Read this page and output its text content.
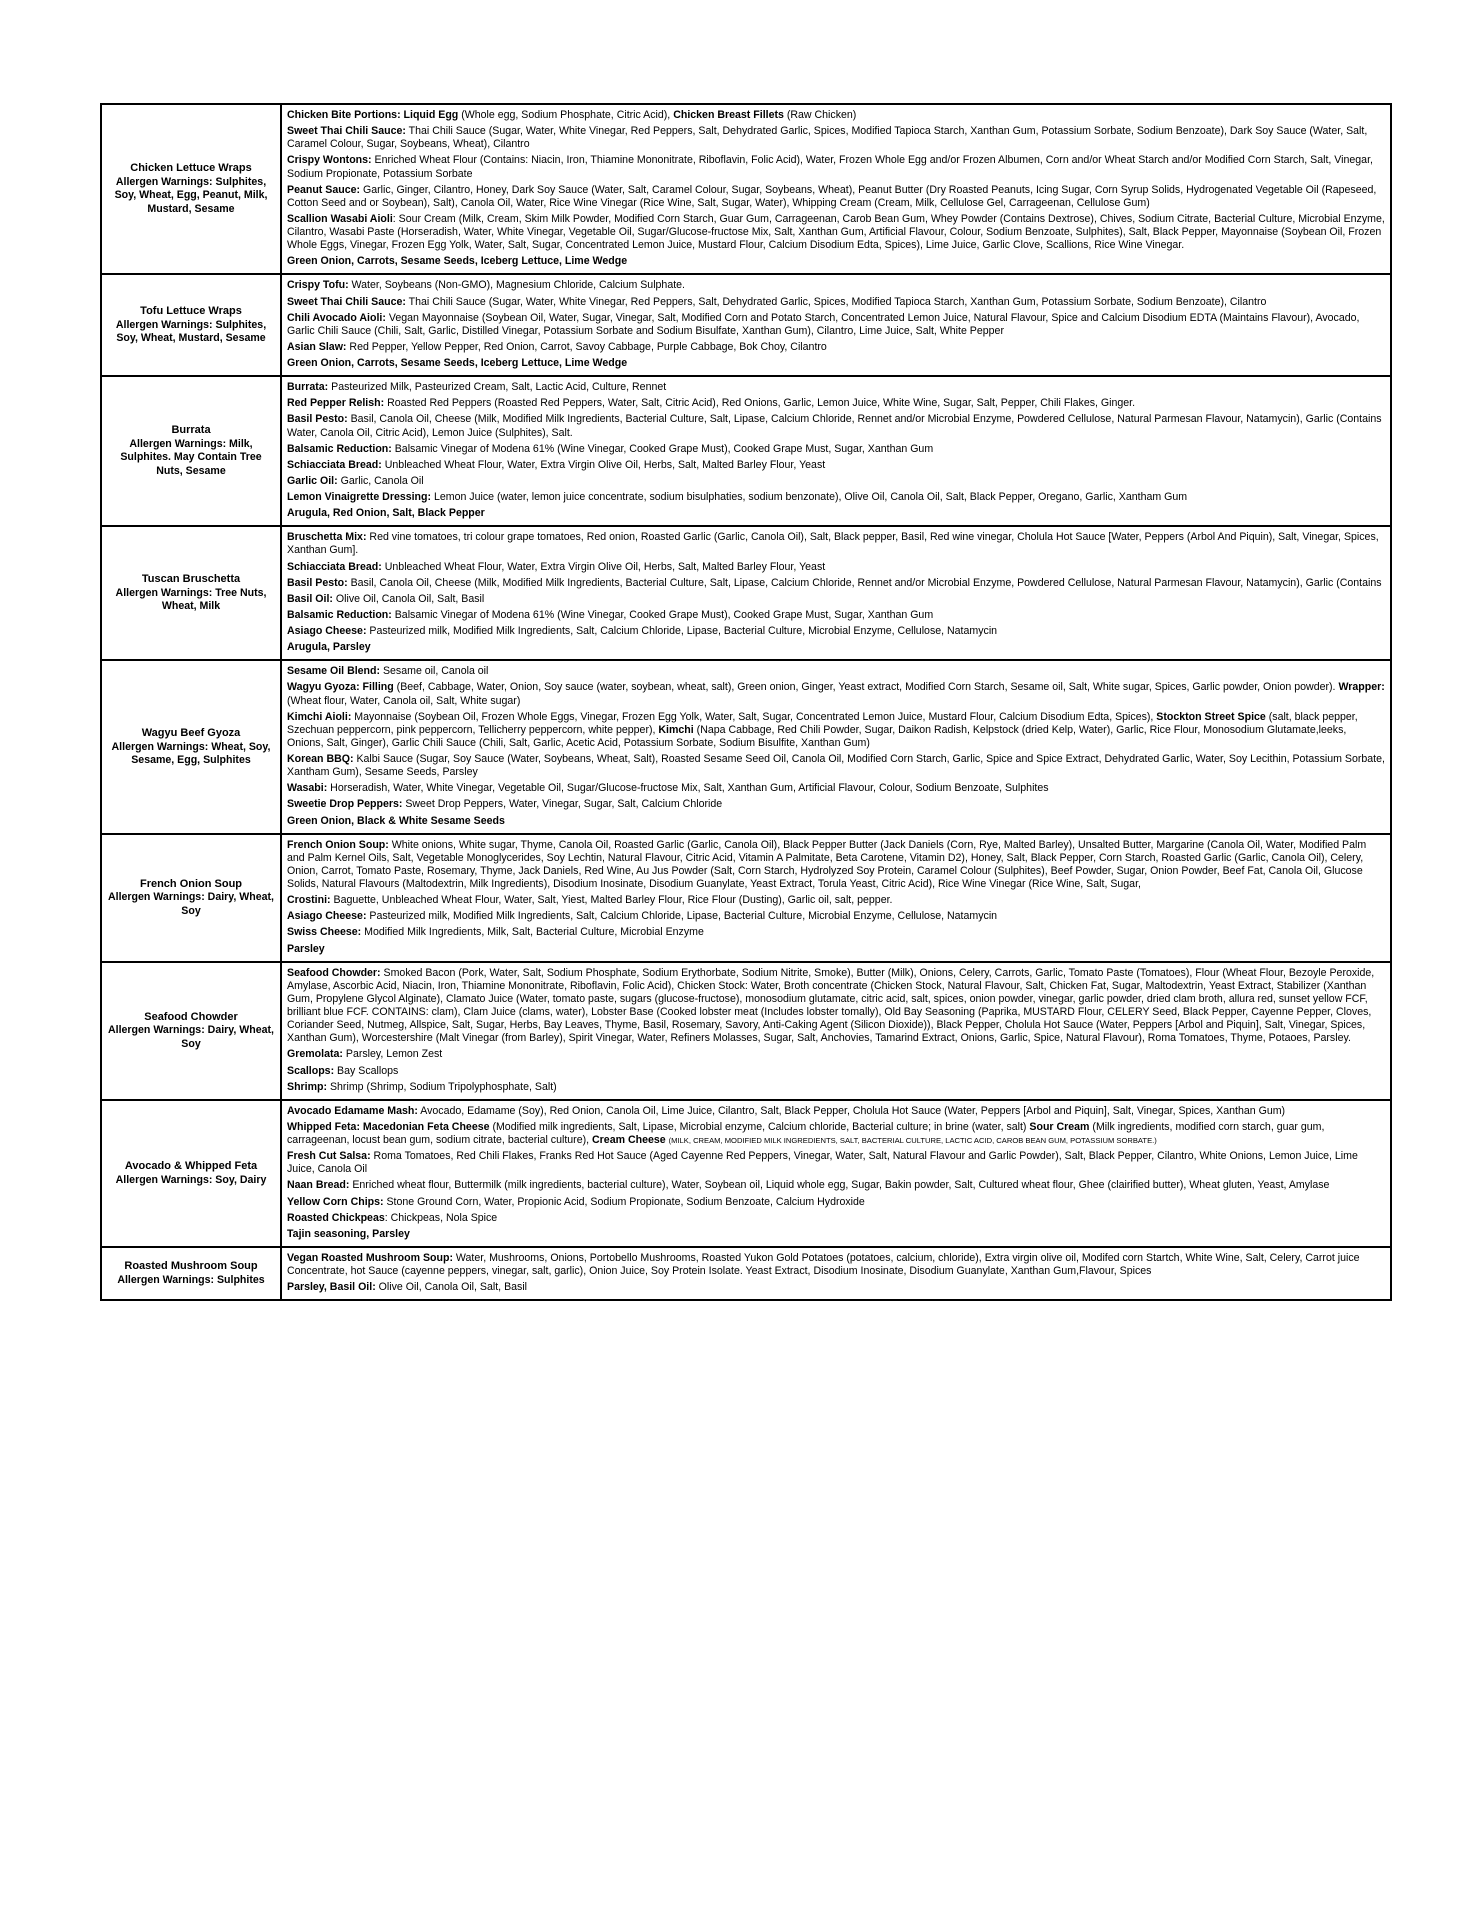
Chicken Lettuce Wraps
Allergen Warnings: Sulphites, Soy, Wheat, Egg, Peanut, Milk, Mustard, Sesame

Chicken Bite Portions: Liquid Egg (Whole egg, Sodium Phosphate, Citric Acid), Chicken Breast Fillets (Raw Chicken)

Sweet Thai Chili Sauce: Thai Chili Sauce (Sugar, Water, White Vinegar, Red Peppers, Salt, Dehydrated Garlic, Spices, Modified Tapioca Starch, Xanthan Gum, Potassium Sorbate, Sodium Benzoate), Dark Soy Sauce (Water, Salt, Caramel Colour, Sugar, Soybeans, Wheat), Cilantro

Crispy Wontons: Enriched Wheat Flour (Contains: Niacin, Iron, Thiamine Mononitrate, Riboflavin, Folic Acid), Water, Frozen Whole Egg and/or Frozen Albumen, Corn and/or Wheat Starch and/or Modified Corn Starch, Salt, Vinegar, Sodium Propionate, Potassium Sorbate

Peanut Sauce: Garlic, Ginger, Cilantro, Honey, Dark Soy Sauce (Water, Salt, Caramel Colour, Sugar, Soybeans, Wheat), Peanut Butter (Dry Roasted Peanuts, Icing Sugar, Corn Syrup Solids, Hydrogenated Vegetable Oil (Rapeseed, Cotton Seed and or Soybean), Salt), Canola Oil, Water, Rice Wine Vinegar (Rice Wine, Salt, Sugar, Water), Whipping Cream (Cream, Milk, Cellulose Gel, Carrageenan, Cellulose Gum)

Scallion Wasabi Aioli: Sour Cream (Milk, Cream, Skim Milk Powder, Modified Corn Starch, Guar Gum, Carrageenan, Carob Bean Gum, Whey Powder (Contains Dextrose), Chives, Sodium Citrate, Bacterial Culture, Microbial Enzyme, Cilantro, Wasabi Paste (Horseradish, Water, White Vinegar, Vegetable Oil, Sugar/Glucose-fructose Mix, Salt, Xanthan Gum, Artificial Flavour, Colour, Sodium Benzoate, Sulphites), Salt, Black Pepper, Mayonnaise (Soybean Oil, Frozen Whole Eggs, Vinegar, Frozen Egg Yolk, Water, Salt, Sugar, Concentrated Lemon Juice, Mustard Flour, Calcium Disodium Edta, Spices), Lime Juice, Garlic Clove, Scallions, Rice Wine Vinegar.

Green Onion, Carrots, Sesame Seeds, Iceberg Lettuce, Lime Wedge

Tofu Lettuce Wraps
Allergen Warnings: Sulphites, Soy, Wheat, Mustard, Sesame

Crispy Tofu: Water, Soybeans (Non-GMO), Magnesium Chloride, Calcium Sulphate.

Sweet Thai Chili Sauce: Thai Chili Sauce (Sugar, Water, White Vinegar, Red Peppers, Salt, Dehydrated Garlic, Spices, Modified Tapioca Starch, Xanthan Gum, Potassium Sorbate, Sodium Benzoate), Cilantro

Chili Avocado Aioli: Vegan Mayonnaise (Soybean Oil, Water, Sugar, Vinegar, Salt, Modified Corn and Potato Starch, Concentrated Lemon Juice, Natural Flavour, Spice and Calcium Disodium EDTA (Maintains Flavour), Avocado, Garlic Chili Sauce (Chili, Salt, Garlic, Distilled Vinegar, Potassium Sorbate and Sodium Bisulfate, Xanthan Gum), Cilantro, Lime Juice, Salt, White Pepper

Asian Slaw: Red Pepper, Yellow Pepper, Red Onion, Carrot, Savoy Cabbage, Purple Cabbage, Bok Choy, Cilantro

Green Onion, Carrots, Sesame Seeds, Iceberg Lettuce, Lime Wedge

Burrata
Allergen Warnings: Milk, Sulphites. May Contain Tree Nuts, Sesame

Burrata: Pasteurized Milk, Pasteurized Cream, Salt, Lactic Acid, Culture, Rennet

Red Pepper Relish: Roasted Red Peppers (Roasted Red Peppers, Water, Salt, Citric Acid), Red Onions, Garlic, Lemon Juice, White Wine, Sugar, Salt, Pepper, Chili Flakes, Ginger.

Basil Pesto: Basil, Canola Oil, Cheese (Milk, Modified Milk Ingredients, Bacterial Culture, Salt, Lipase, Calcium Chloride, Rennet and/or Microbial Enzyme, Powdered Cellulose, Natural Parmesan Flavour, Natamycin), Garlic (Contains Water, Canola Oil, Citric Acid), Lemon Juice (Sulphites), Salt.

Balsamic Reduction: Balsamic Vinegar of Modena 61% (Wine Vinegar, Cooked Grape Must), Cooked Grape Must, Sugar, Xanthan Gum

Schiacciata Bread: Unbleached Wheat Flour, Water, Extra Virgin Olive Oil, Herbs, Salt, Malted Barley Flour, Yeast

Garlic Oil: Garlic, Canola Oil

Lemon Vinaigrette Dressing: Lemon Juice (water, lemon juice concentrate, sodium bisulphaties, sodium benzonate), Olive Oil, Canola Oil, Salt, Black Pepper, Oregano, Garlic, Xantham Gum

Arugula, Red Onion, Salt, Black Pepper

Tuscan Bruschetta
Allergen Warnings: Tree Nuts, Wheat, Milk

Bruschetta Mix: Red vine tomatoes, tri colour grape tomatoes, Red onion, Roasted Garlic (Garlic, Canola Oil), Salt, Black pepper, Basil, Red wine vinegar, Cholula Hot Sauce [Water, Peppers (Arbol And Piquin), Salt, Vinegar, Spices, Xanthan Gum].

Schiacciata Bread: Unbleached Wheat Flour, Water, Extra Virgin Olive Oil, Herbs, Salt, Malted Barley Flour, Yeast

Basil Pesto: Basil, Canola Oil, Cheese (Milk, Modified Milk Ingredients, Bacterial Culture, Salt, Lipase, Calcium Chloride, Rennet and/or Microbial Enzyme, Powdered Cellulose, Natural Parmesan Flavour, Natamycin), Garlic (Contains

Basil Oil: Olive Oil, Canola Oil, Salt, Basil

Balsamic Reduction: Balsamic Vinegar of Modena 61% (Wine Vinegar, Cooked Grape Must), Cooked Grape Must, Sugar, Xanthan Gum

Asiago Cheese: Pasteurized milk, Modified Milk Ingredients, Salt, Calcium Chloride, Lipase, Bacterial Culture, Microbial Enzyme, Cellulose, Natamycin

Arugula, Parsley

Wagyu Beef Gyoza
Allergen Warnings: Wheat, Soy, Sesame, Egg, Sulphites

Sesame Oil Blend: Sesame oil, Canola oil

Wagyu Gyoza: Filling (Beef, Cabbage, Water, Onion, Soy sauce (water, soybean, wheat, salt), Green onion, Ginger, Yeast extract, Modified Corn Starch, Sesame oil, Salt, White sugar, Spices, Garlic powder, Onion powder). Wrapper: (Wheat flour, Water, Canola oil, Salt, White sugar)

Kimchi Aioli: Mayonnaise (Soybean Oil, Frozen Whole Eggs, Vinegar, Frozen Egg Yolk, Water, Salt, Sugar, Concentrated Lemon Juice, Mustard Flour, Calcium Disodium Edta, Spices), Stockton Street Spice (salt, black pepper, Szechuan peppercorn, pink peppercorn, Tellicherry peppercorn, white pepper), Kimchi (Napa Cabbage, Red Chili Powder, Sugar, Daikon Radish, Kelpstock (dried Kelp, Water), Garlic, Rice Flour, Monosodium Glutamate,leeks, Onions, Salt, Ginger), Garlic Chili Sauce (Chili, Salt, Garlic, Acetic Acid, Potassium Sorbate, Sodium Bisulfite, Xanthan Gum)

Korean BBQ: Kalbi Sauce (Sugar, Soy Sauce (Water, Soybeans, Wheat, Salt), Roasted Sesame Seed Oil, Canola Oil, Modified Corn Starch, Garlic, Spice and Spice Extract, Dehydrated Garlic, Water, Soy Lecithin, Potassium Sorbate, Xantham Gum), Sesame Seeds, Parsley

Wasabi: Horseradish, Water, White Vinegar, Vegetable Oil, Sugar/Glucose-fructose Mix, Salt, Xanthan Gum, Artificial Flavour, Colour, Sodium Benzoate, Sulphites

Sweetie Drop Peppers: Sweet Drop Peppers, Water, Vinegar, Sugar, Salt, Calcium Chloride

Green Onion, Black & White Sesame Seeds

French Onion Soup
Allergen Warnings: Dairy, Wheat, Soy

French Onion Soup: White onions, White sugar, Thyme, Canola Oil, Roasted Garlic (Garlic, Canola Oil), Black Pepper Butter (Jack Daniels (Corn, Rye, Malted Barley), Unsalted Butter, Margarine (Canola Oil, Water, Modified Palm and Palm Kernel Oils, Salt, Vegetable Monoglycerides, Soy Lechtin, Natural Flavour, Citric Acid, Vitamin A Palmitate, Beta Carotene, Vitamin D2), Honey, Salt, Black Pepper, Corn Starch, Roasted Garlic (Garlic, Canola Oil), Celery, Onion, Carrot, Tomato Paste, Rosemary, Thyme, Jack Daniels, Red Wine, Au Jus Powder (Salt, Corn Starch, Hydrolyzed Soy Protein, Caramel Colour (Sulphites), Beef Powder, Sugar, Onion Powder, Beef Fat, Canola Oil, Glucose Solids, Natural Flavours (Maltodextrin, Milk Ingredients), Disodium Inosinate, Disodium Guanylate, Yeast Extract, Torula Yeast, Citric Acid), Rice Wine Vinegar (Rice Wine, Salt, Sugar,

Crostini: Baguette, Unbleached Wheat Flour, Water, Salt, Yiest, Malted Barley Flour, Rice Flour (Dusting), Garlic oil, salt, pepper.

Asiago Cheese: Pasteurized milk, Modified Milk Ingredients, Salt, Calcium Chloride, Lipase, Bacterial Culture, Microbial Enzyme, Cellulose, Natamycin

Swiss Cheese: Modified Milk Ingredients, Milk, Salt, Bacterial Culture, Microbial Enzyme

Parsley

Seafood Chowder
Allergen Warnings: Dairy, Wheat, Soy

Seafood Chowder: Smoked Bacon (Pork, Water, Salt, Sodium Phosphate, Sodium Erythorbate, Sodium Nitrite, Smoke), Butter (Milk), Onions, Celery, Carrots, Garlic, Tomato Paste (Tomatoes), Flour (Wheat Flour, Bezoyle Peroxide, Amylase, Ascorbic Acid, Niacin, Iron, Thiamine Mononitrate, Riboflavin, Folic Acid), Chicken Stock: Water, Broth concentrate (Chicken Stock, Natural Flavour, Salt, Chicken Fat, Sugar, Maltodextrin, Yeast Extract, Stabilizer (Xanthan Gum, Propylene Glycol Alginate), Clamato Juice (Water, tomato paste, sugars (glucose-fructose), monosodium glutamate, citric acid, salt, spices, onion powder, vinegar, garlic powder, dried clam broth, allura red, sunset yellow FCF, brilliant blue FCF. CONTAINS: clam), Clam Juice (clams, water), Lobster Base (Cooked lobster meat (Includes lobster tomally), Old Bay Seasoning (Paprika, MUSTARD Flour, CELERY Seed, Black Pepper, Cayenne Pepper, Cloves, Coriander Seed, Nutmeg, Allspice, Salt, Sugar, Herbs, Bay Leaves, Thyme, Basil, Rosemary, Savory, Anti-Caking Agent (Silicon Dioxide)), Black Pepper, Cholula Hot Sauce (Water, Peppers [Arbol and Piquin], Salt, Vinegar, Spices, Xanthan Gum), Worcestershire (Malt Vinegar (from Barley), Spirit Vinegar, Water, Refiners Molasses, Sugar, Salt, Anchovies, Tamarind Extract, Onions, Garlic, Spice, Natural Flavour), Roma Tomatoes, Thyme, Potaoes, Parsley.

Gremolata: Parsley, Lemon Zest

Scallops: Bay Scallops

Shrimp: Shrimp (Shrimp, Sodium Tripolyphosphate, Salt)

Avocado & Whipped Feta
Allergen Warnings: Soy, Dairy

Avocado Edamame Mash: Avocado, Edamame (Soy), Red Onion, Canola Oil, Lime Juice, Cilantro, Salt, Black Pepper, Cholula Hot Sauce (Water, Peppers [Arbol and Piquin], Salt, Vinegar, Spices, Xanthan Gum)

Whipped Feta: Macedonian Feta Cheese (Modified milk ingredients, Salt, Lipase, Microbial enzyme, Calcium chloride, Bacterial culture; in brine (water, salt) Sour Cream (Milk ingredients, modified corn starch, guar gum, carrageenan, locust bean gum, sodium citrate, bacterial culture), Cream Cheese (MILK, CREAM, MODIFIED MILK INGREDIENTS, SALT, BACTERIAL CULTURE, LACTIC ACID, CAROB BEAN GUM, POTASSIUM SORBATE.)

Fresh Cut Salsa: Roma Tomatoes, Red Chili Flakes, Franks Red Hot Sauce (Aged Cayenne Red Peppers, Vinegar, Water, Salt, Natural Flavour and Garlic Powder), Salt, Black Pepper, Cilantro, White Onions, Lemon Juice, Lime Juice, Canola Oil

Naan Bread: Enriched wheat flour, Buttermilk (milk ingredients, bacterial culture), Water, Soybean oil, Liquid whole egg, Sugar, Bakin powder, Salt, Cultured wheat flour, Ghee (clairified butter), Wheat gluten, Yeast, Amylase

Yellow Corn Chips: Stone Ground Corn, Water, Propionic Acid, Sodium Propionate, Sodium Benzoate, Calcium Hydroxide

Roasted Chickpeas: Chickpeas, Nola Spice

Tajin seasoning, Parsley

Roasted Mushroom Soup
Allergen Warnings: Sulphites

Vegan Roasted Mushroom Soup: Water, Mushrooms, Onions, Portobello Mushrooms, Roasted Yukon Gold Potatoes (potatoes, calcium, chloride), Extra virgin olive oil, Modifed corn Startch, White Wine, Salt, Celery, Carrot juice Concentrate, hot Sauce (cayenne peppers, vinegar, salt, garlic), Onion Juice, Soy Protein Isolate. Yeast Extract, Disodium Inosinate, Disodium Guanylate, Xanthan Gum,Flavour, Spices

Parsley, Basil Oil: Olive Oil, Canola Oil, Salt, Basil
